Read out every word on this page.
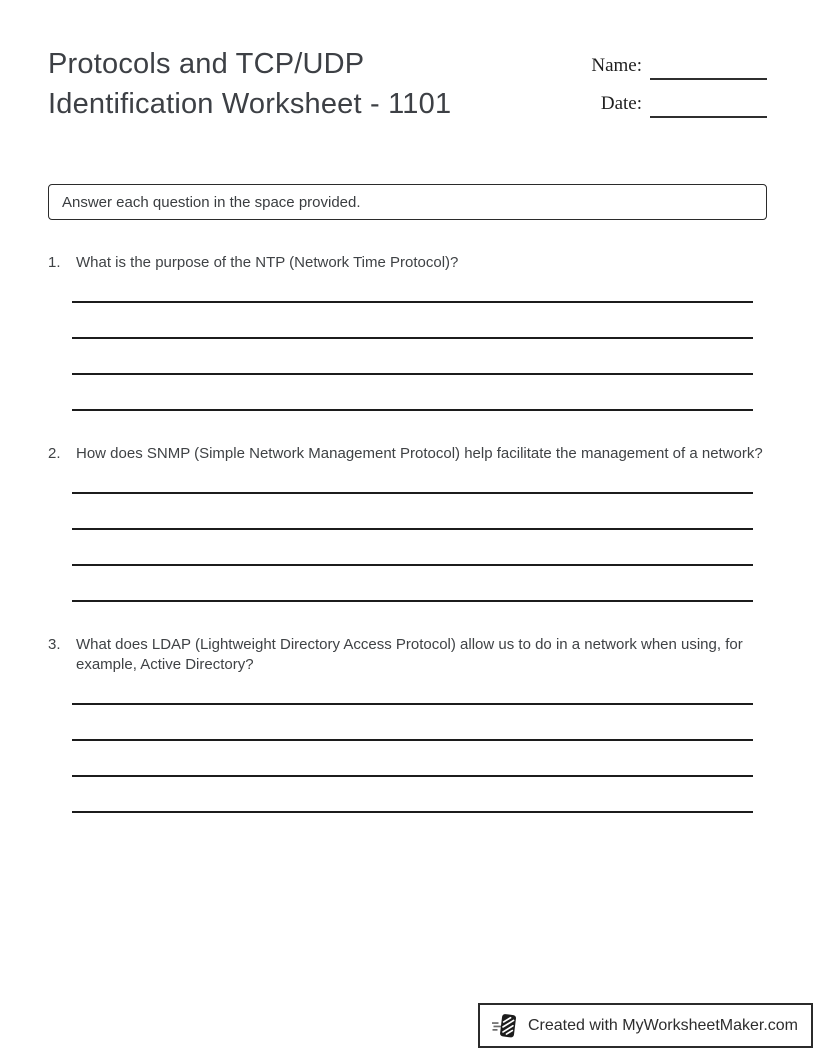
Protocols and TCP/UDP Identification Worksheet - 1101
Name:
Date:
Answer each question in the space provided.
1.	What is the purpose of the NTP (Network Time Protocol)?
2.	How does SNMP (Simple Network Management Protocol) help facilitate the management of a network?
3.	What does LDAP (Lightweight Directory Access Protocol) allow us to do in a network when using, for example, Active Directory?
Created with MyWorksheetMaker.com
